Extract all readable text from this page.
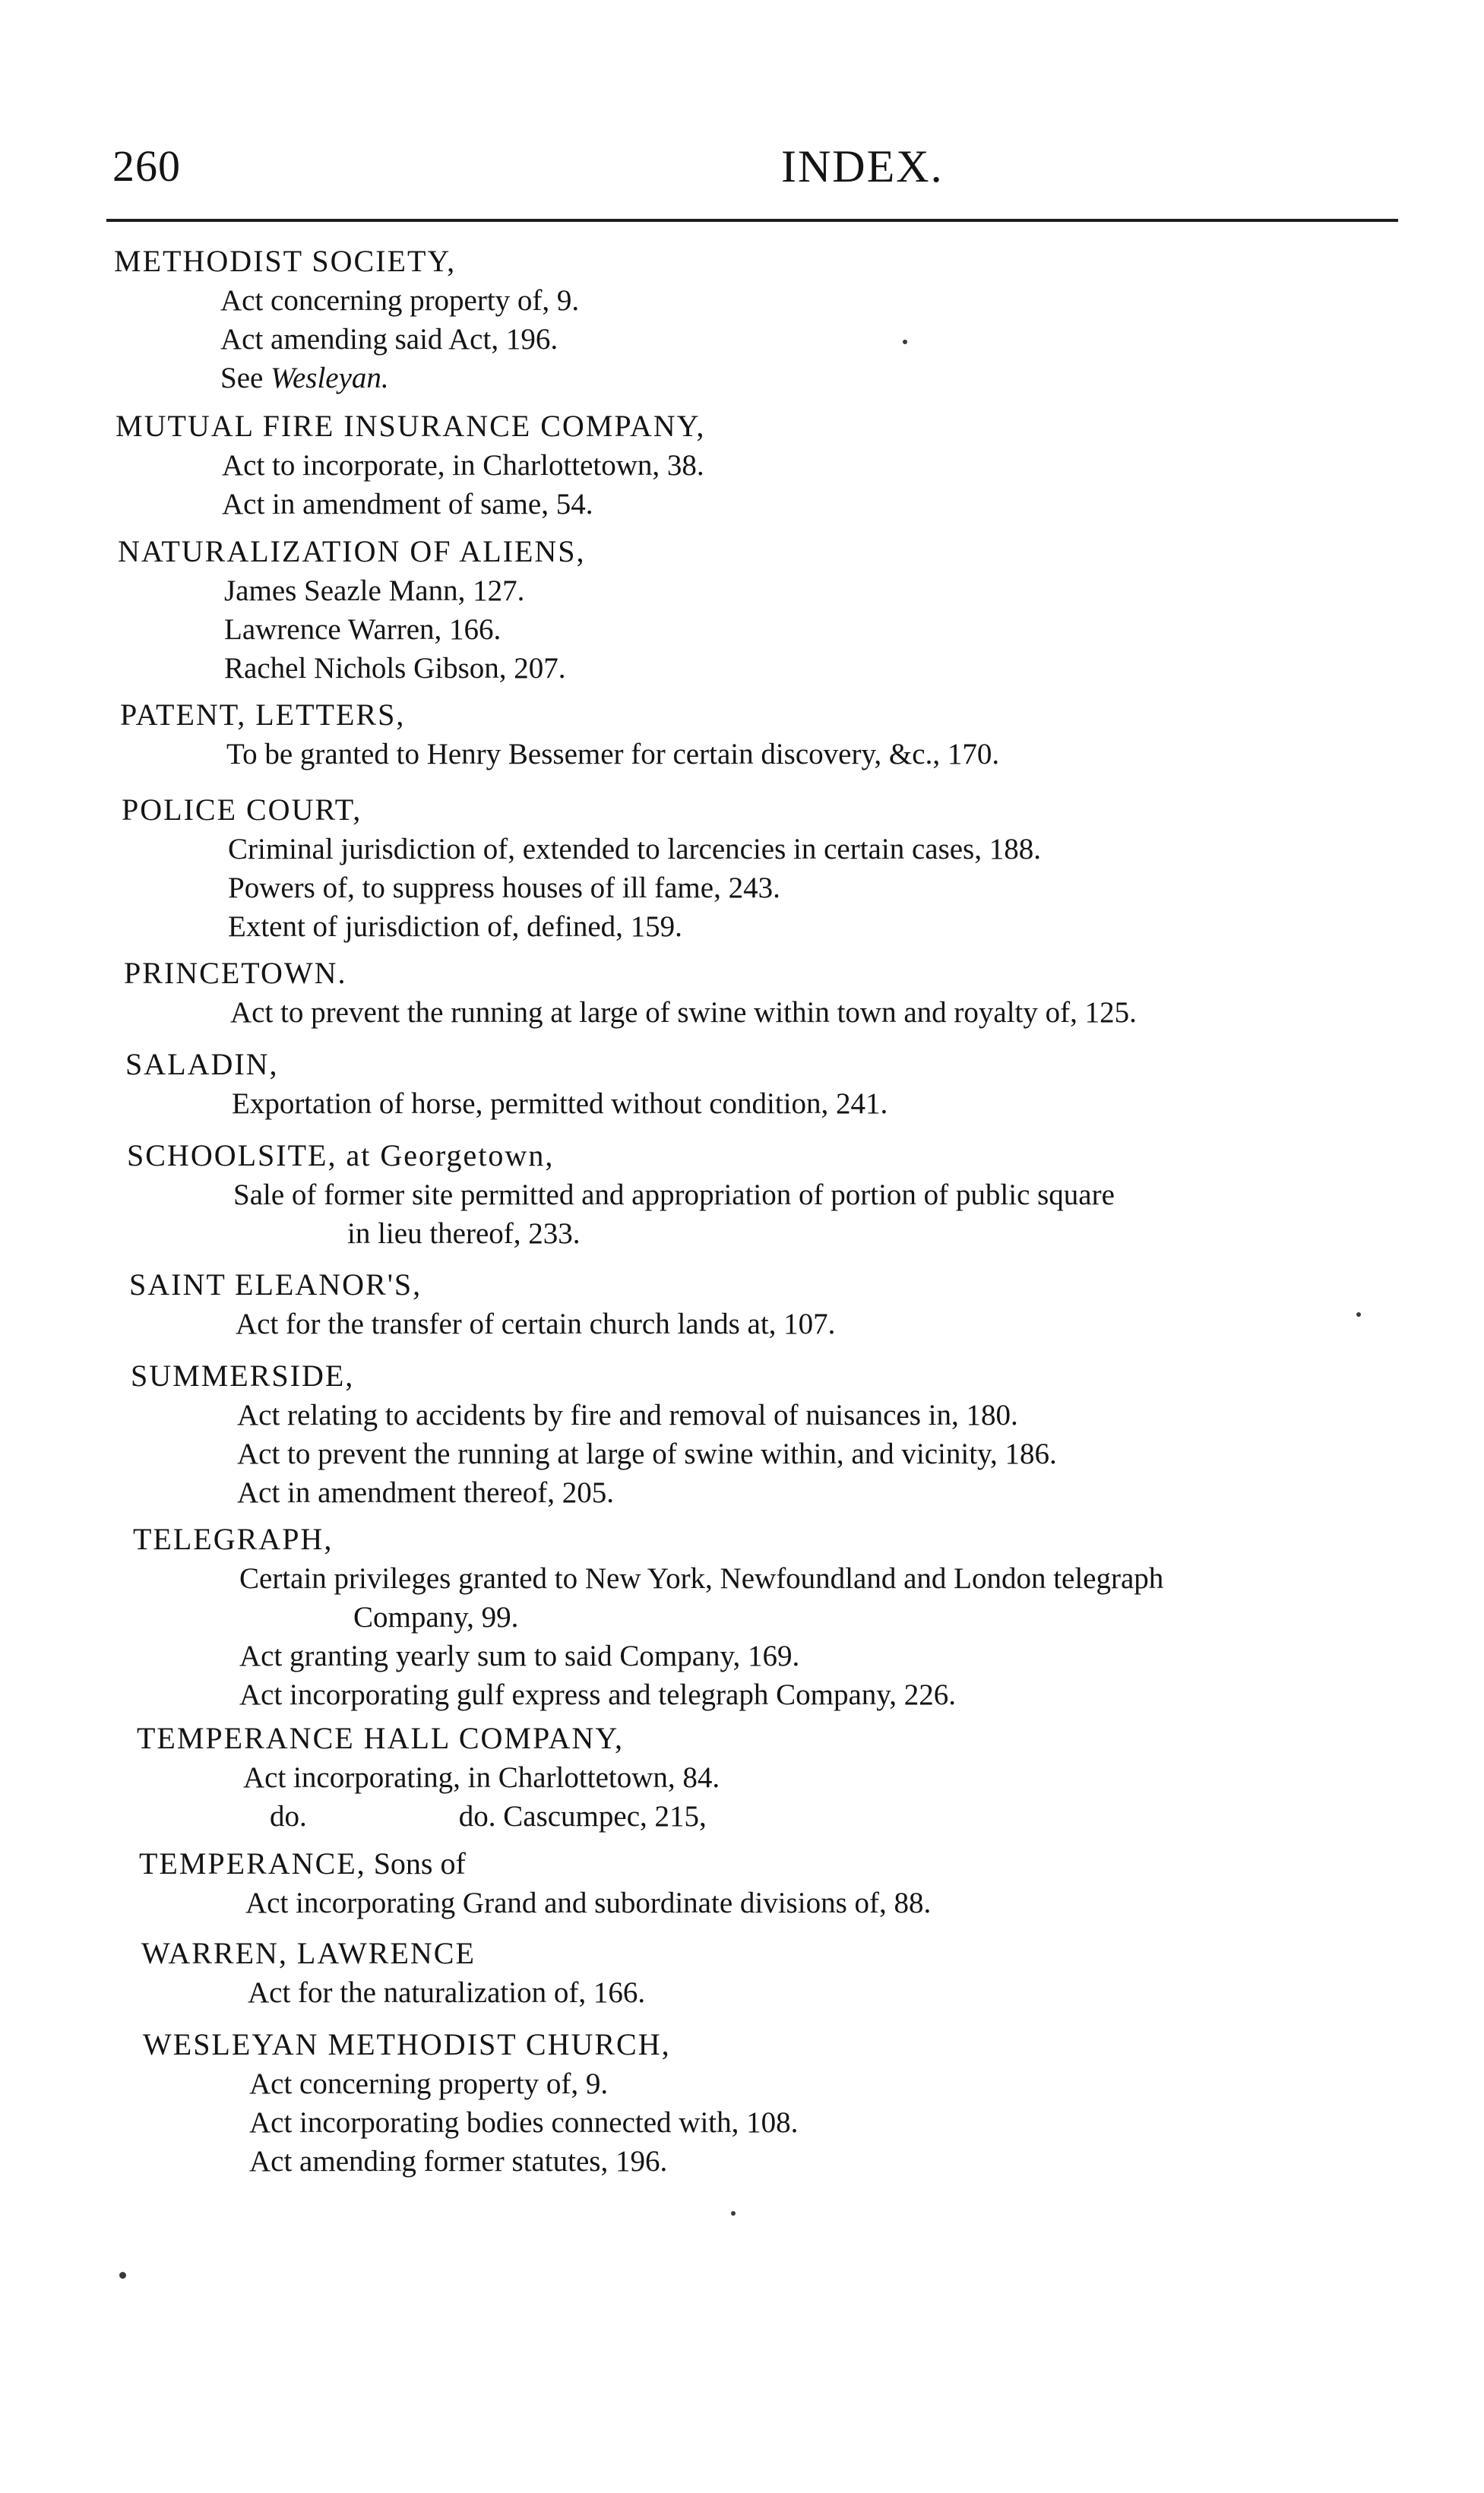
260	INDEX.
METHODIST SOCIETY,
Act concerning property of, 9.
Act amending said Act, 196.
See Wesleyan.
MUTUAL FIRE INSURANCE COMPANY,
Act to incorporate, in Charlottetown, 38.
Act in amendment of same, 54.
NATURALIZATION OF ALIENS,
James Seazle Mann, 127.
Lawrence Warren, 166.
Rachel Nichols Gibson, 207.
PATENT, LETTERS,
To be granted to Henry Bessemer for certain discovery, &c., 170.
POLICE COURT,
Criminal jurisdiction of, extended to larcencies in certain cases, 188.
Powers of, to suppress houses of ill fame, 243.
Extent of jurisdiction of, defined, 159.
PRINCETOWN.
Act to prevent the running at large of swine within town and royalty of, 125.
SALADIN,
Exportation of horse, permitted without condition, 241.
SCHOOLSITE, at Georgetown,
Sale of former site permitted and appropriation of portion of public square
in lieu thereof, 233.
SAINT ELEANOR'S,
Act for the transfer of certain church lands at, 107.
SUMMERSIDE,
Act relating to accidents by fire and removal of nuisances in, 180.
Act to prevent the running at large of swine within, and vicinity, 186.
Act in amendment thereof, 205.
TELEGRAPH,
Certain privileges granted to New York, Newfoundland and London telegraph
Company, 99.
Act granting yearly sum to said Company, 169.
Act incorporating gulf express and telegraph Company, 226.
TEMPERANCE HALL COMPANY,
Act incorporating, in Charlottetown, 84.
do.	do. Cascumpec, 215,
TEMPERANCE, Sons of
Act incorporating Grand and subordinate divisions of, 88.
WARREN, LAWRENCE
Act for the naturalization of, 166.
WESLEYAN METHODIST CHURCH,
Act concerning property of, 9.
Act incorporating bodies connected with, 108.
Act amending former statutes, 196.
